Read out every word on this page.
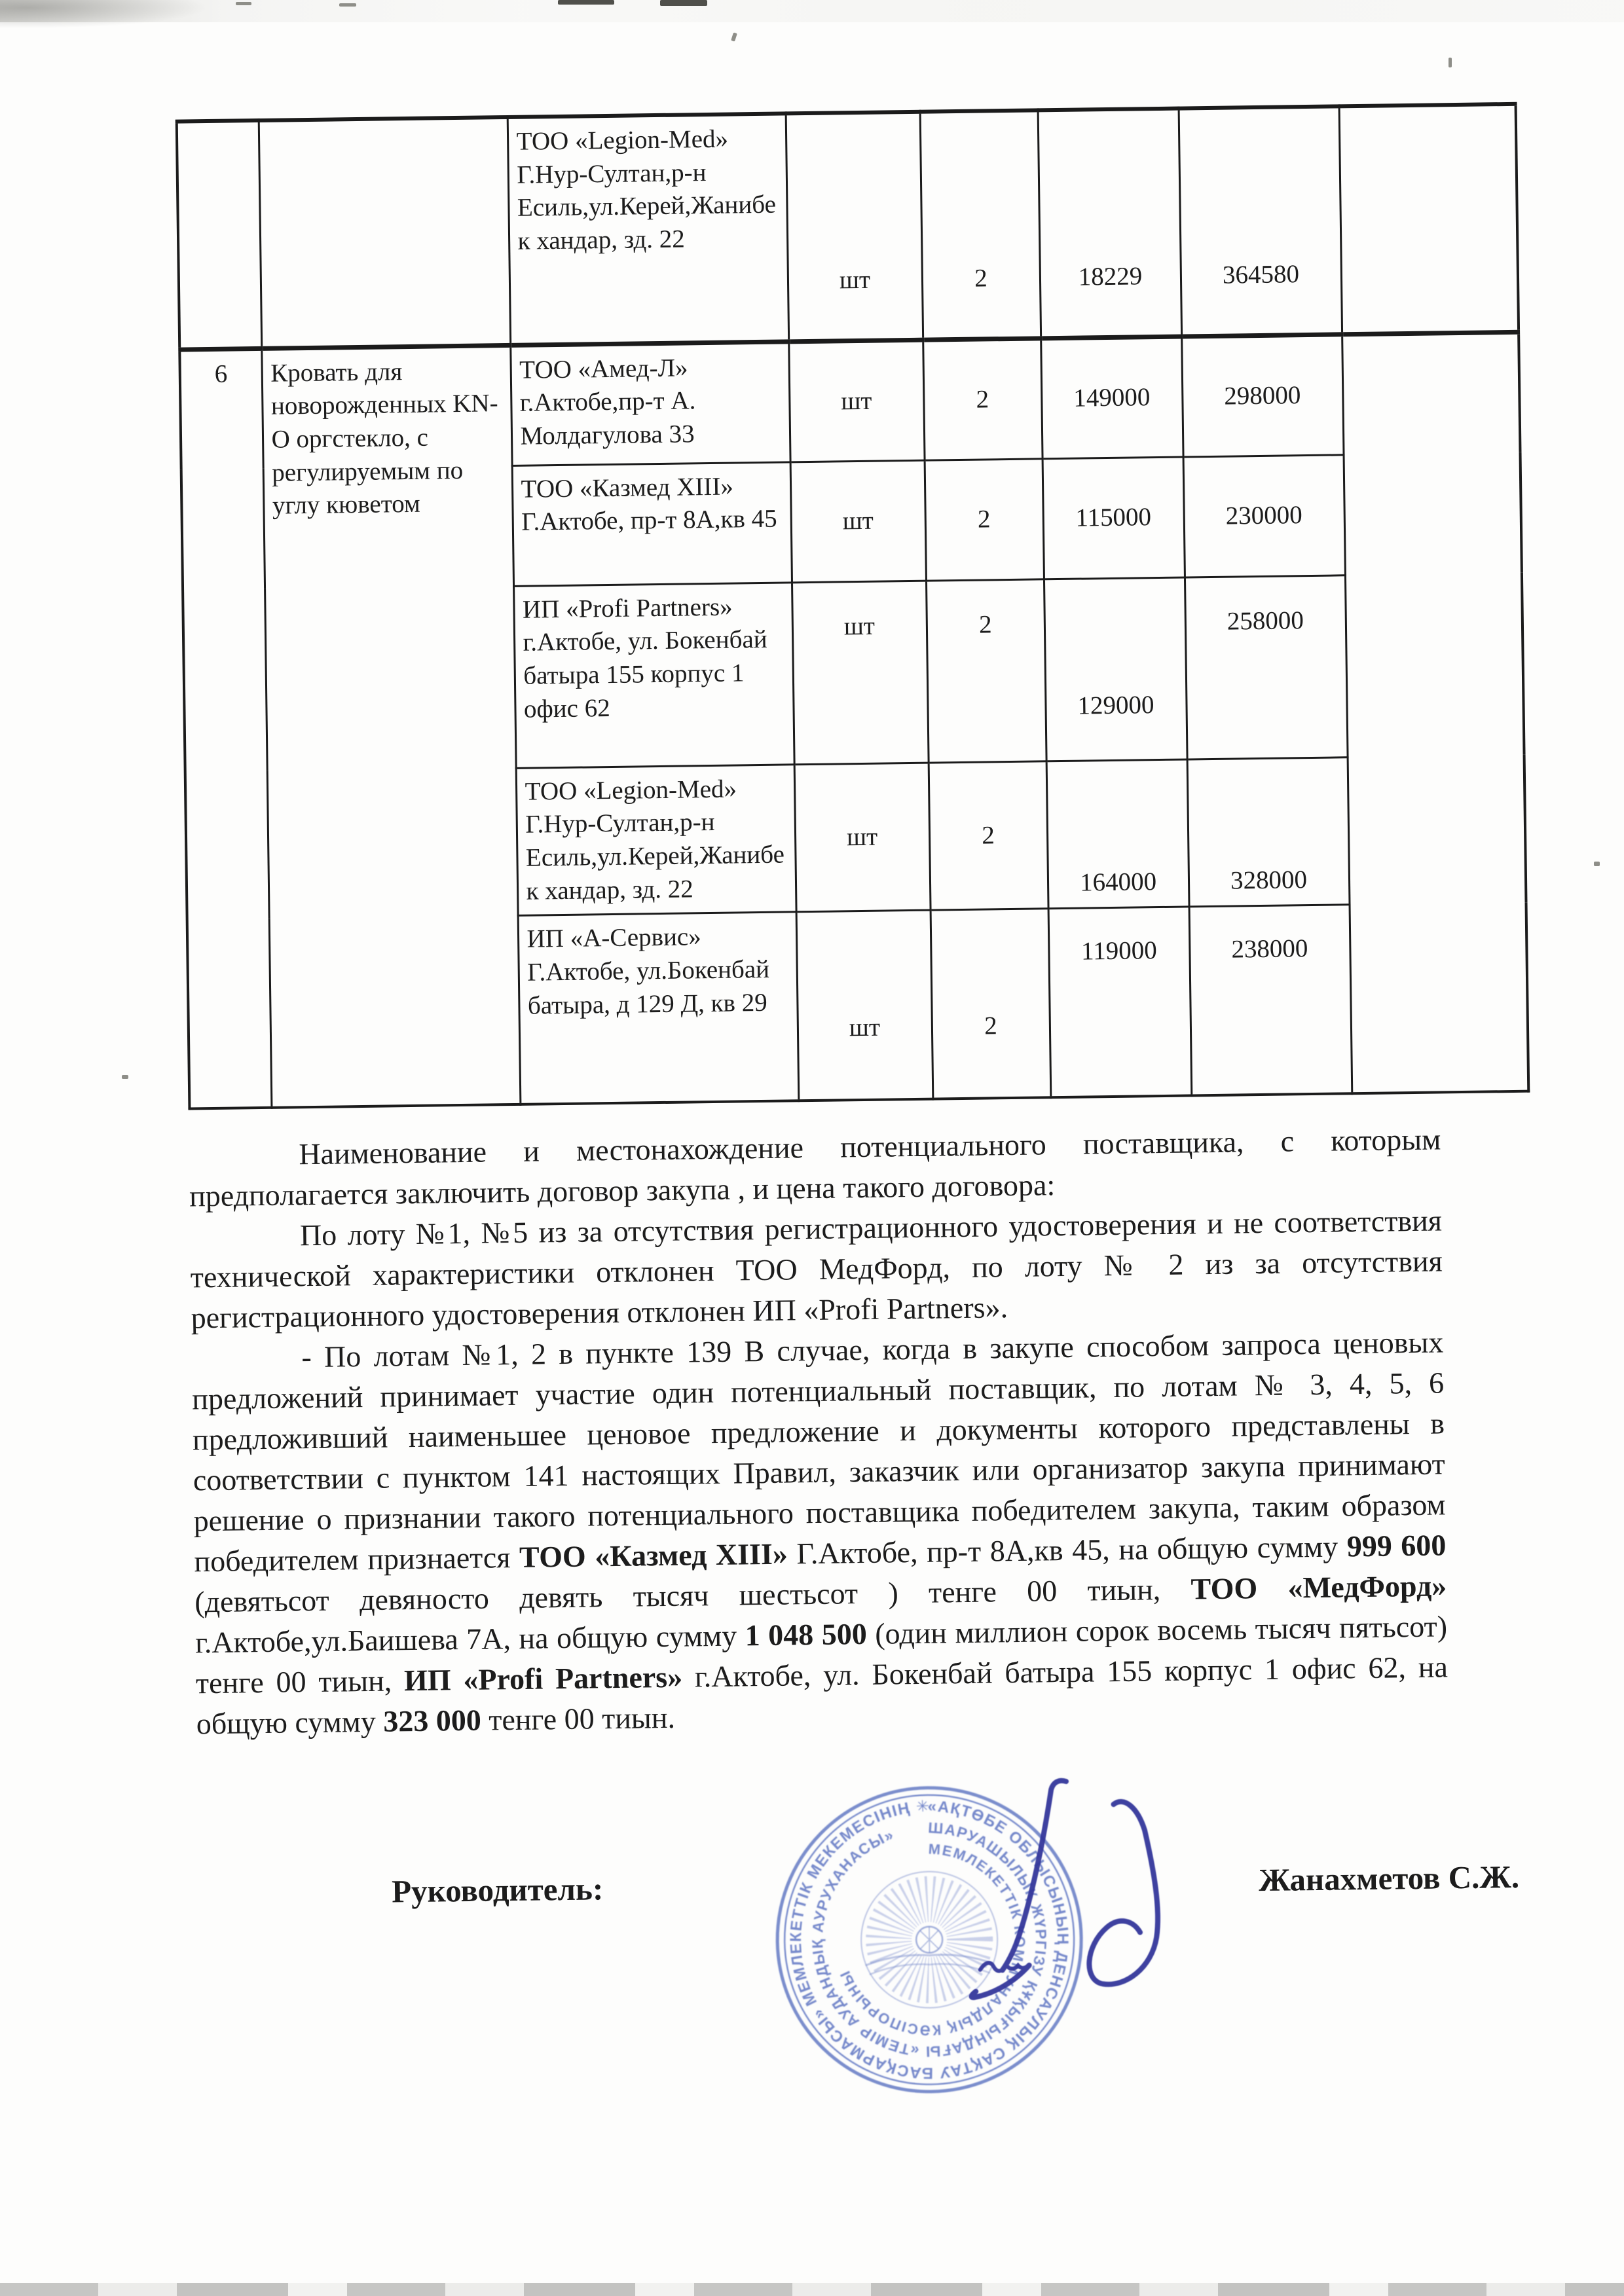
		ТОО «Legion-Med» Г.Нур-Султан,р-н Есиль,ул.Керей,Жанибек хандар, зд. 22	шт	2	18229	364580	
6	Кровать для новорожденных KN-O оргстекло, с регулируемым по углу кюветом	ТОО «Амед-Л» г.Актобе,пр-т А. Молдагулова 33	шт	2	149000	298000	
		ТОО «Казмед XIII» Г.Актобе, пр-т 8А,кв 45	шт	2	115000	230000	
		ИП «Profi Partners» г.Актобе, ул. Бокенбай батыра 155 корпус 1 офис 62	шт	2	129000	258000	
		ТОО «Legion-Med» Г.Нур-Султан,р-н Есиль,ул.Керей,Жанибек хандар, зд. 22	шт	2	164000	328000	
		ИП «А-Сервис» Г.Актобе, ул.Бокенбай батыра, д 129 Д, кв 29	шт	2	119000	238000	

Наименование и местонахождение потенциального поставщика, с которым предполагается заключить договор закупа , и цена такого договора:

По лоту №1, №5 из за отсутствия регистрационного удостоверения и не соответствия технической характеристики отклонен ТОО МедФорд, по лоту № 2 из за отсутствия регистрационного удостоверения отклонен ИП «Profi Partners».

- По лотам №1, 2 в пункте 139 В случае, когда в закупе способом запроса ценовых предложений принимает участие один потенциальный поставщик, по лотам № 3, 4, 5, 6 предложивший наименьшее ценовое предложение и документы которого представлены в соответствии с пунктом 141 настоящих Правил, заказчик или организатор закупа принимают решение о признании такого потенциального поставщика победителем закупа, таким образом победителем признается ТОО «Казмед XIII» Г.Актобе, пр-т 8А,кв 45, на общую сумму 999 600 (девятьсот девяносто девять тысяч шестьсот ) тенге 00 тиын, ТОО «МедФорд» г.Актобе,ул.Баишева 7А, на общую сумму 1 048 500 (один миллион сорок восемь тысяч пятьсот) тенге 00 тиын, ИП «Profi Partners» г.Актобе, ул. Бокенбай батыра 155 корпус 1 офис 62, на общую сумму 323 000 тенге 00 тиын.

Руководитель:	Жанахметов С.Ж.
«АҚТӨБЕ ОБЛЫСЫНЫҢ ДЕНСАУЛЫҚ САҚТАУ БАСҚАРМАСЫ» МЕМЛЕКЕТТІК МЕКЕМЕСІНІҢ ✳ ✳
ШАРУАШЫЛЫҚ ЖҮРГІЗУ ҚҰҚЫҒЫНДАҒЫ «ТЕМІР АУДАНДЫҚ АУРУХАНАСЫ»
МЕМЛЕКЕТТІК КОММУНАЛДЫҚ КӘСІПОРЫНЫ
